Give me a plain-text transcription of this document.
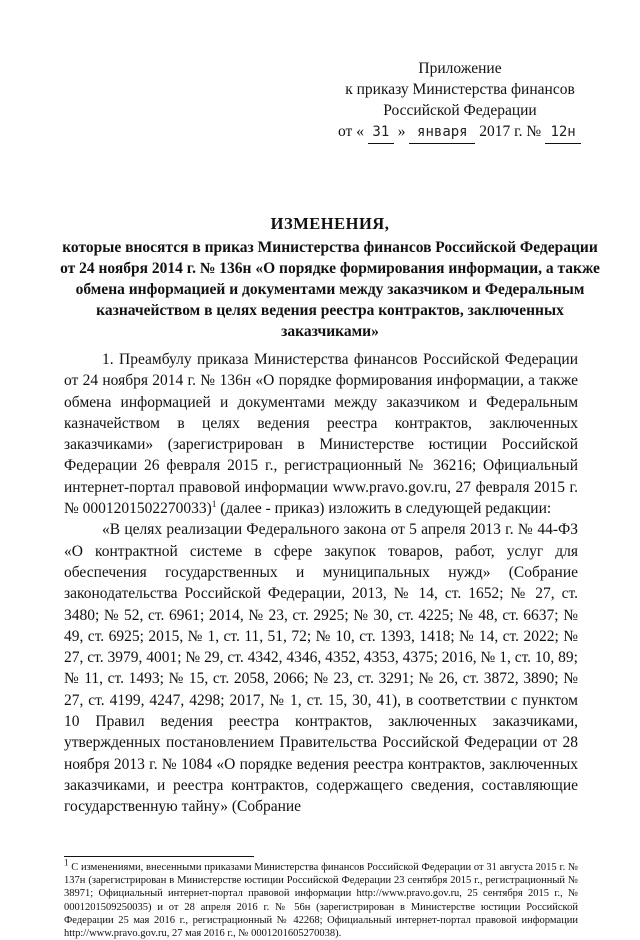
Приложение
к приказу Министерства финансов
Российской Федерации
от « 31 » января 2017 г. № 12н
ИЗМЕНЕНИЯ,
которые вносятся в приказ Министерства финансов Российской Федерации от 24 ноября 2014 г. № 136н «О порядке формирования информации, а также обмена информацией и документами между заказчиком и Федеральным казначейством в целях ведения реестра контрактов, заключенных заказчиками»

1. Преамбулу приказа Министерства финансов Российской Федерации от 24 ноября 2014 г. № 136н «О порядке формирования информации, а также обмена информацией и документами между заказчиком и Федеральным казначейством в целях ведения реестра контрактов, заключенных заказчиками» (зарегистрирован в Министерстве юстиции Российской Федерации 26 февраля 2015 г., регистрационный № 36216; Официальный интернет-портал правовой информации www.pravo.gov.ru, 27 февраля 2015 г. № 0001201502270033)$^1$ (далее - приказ) изложить в следующей редакции:

«В целях реализации Федерального закона от 5 апреля 2013 г. № 44-ФЗ «О контрактной системе в сфере закупок товаров, работ, услуг для обеспечения государственных и муниципальных нужд» (Собрание законодательства Российской Федерации, 2013, № 14, ст. 1652; № 27, ст. 3480; № 52, ст. 6961; 2014, № 23, ст. 2925; № 30, ст. 4225; № 48, ст. 6637; № 49, ст. 6925; 2015, № 1, ст. 11, 51, 72; № 10, ст. 1393, 1418; № 14, ст. 2022; № 27, ст. 3979, 4001; № 29, ст. 4342, 4346, 4352, 4353, 4375; 2016, № 1, ст. 10, 89; № 11, ст. 1493; № 15, ст. 2058, 2066; № 23, ст. 3291; № 26, ст. 3872, 3890; № 27, ст. 4199, 4247, 4298; 2017, № 1, ст. 15, 30, 41), в соответствии с пунктом 10 Правил ведения реестра контрактов, заключенных заказчиками, утвержденных постановлением Правительства Российской Федерации от 28 ноября 2013 г. № 1084 «О порядке ведения реестра контрактов, заключенных заказчиками, и реестра контрактов, содержащего сведения, составляющие государственную тайну» (Собрание

$^1$ С изменениями, внесенными приказами Министерства финансов Российской Федерации от 31 августа 2015 г. № 137н (зарегистрирован в Министерстве юстиции Российской Федерации 23 сентября 2015 г., регистрационный № 38971; Официальный интернет-портал правовой информации http://www.pravo.gov.ru, 25 сентября 2015 г., № 0001201509250035) и от 28 апреля 2016 г. № 56н (зарегистрирован в Министерстве юстиции Российской Федерации 25 мая 2016 г., регистрационный № 42268; Официальный интернет-портал правовой информации http://www.pravo.gov.ru, 27 мая 2016 г., № 0001201605270038).
